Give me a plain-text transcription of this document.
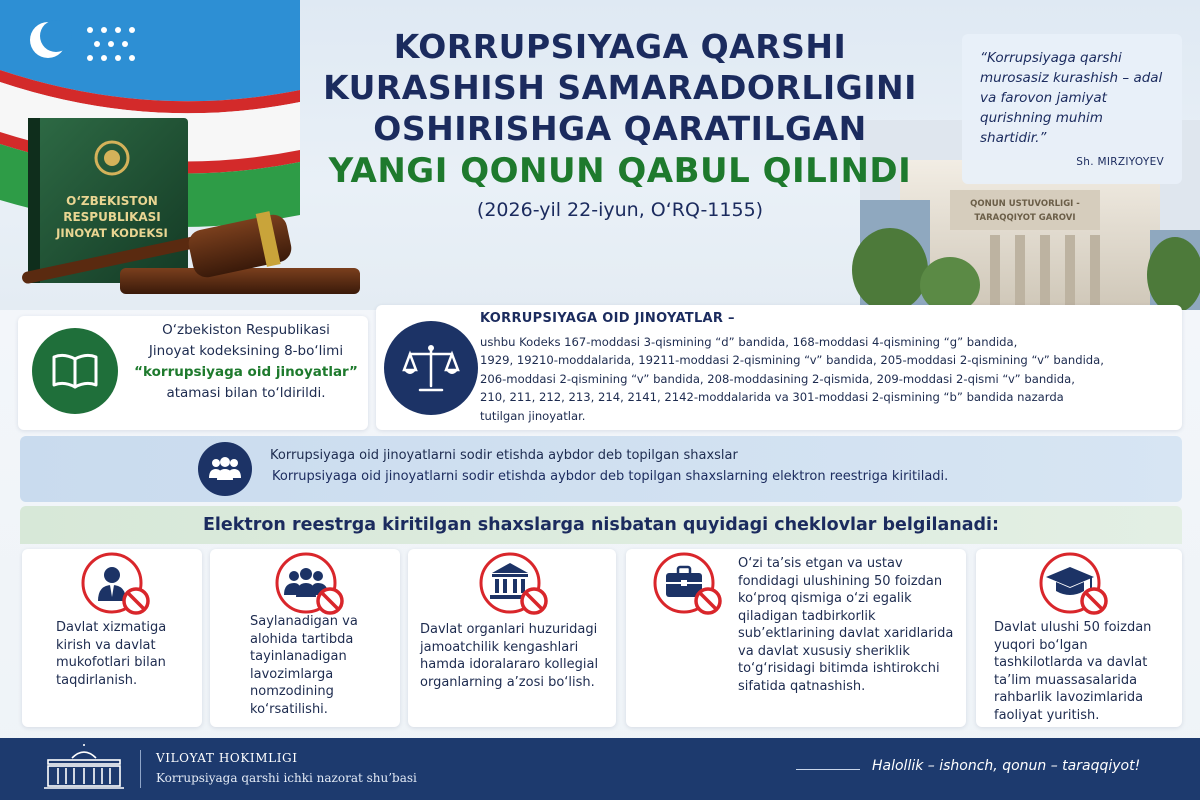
O‘ZBEKISTON
RESPUBLIKASI
JINOYAT KODEKSI
QONUN USTUVORLIGI -
TARAQQIYOT GAROVI
KORRUPSIYAGA QARSHI
KURASHISH SAMARADORLIGINI
OSHIRISHGA QARATILGAN
YANGI QONUN QABUL QILINDI
(2026-yil 22-iyun, O‘RQ-1155)
“Korrupsiyaga qarshi murosasiz kurashish – adal va farovon jamiyat qurishning muhim shartidir.”
Sh. MIRZIYOYEV
O‘zbekiston Respublikasi
Jinoyat kodeksining 8-bo‘limi
“korrupsiyaga oid jinoyatlar”
atamasi bilan to‘ldirildi.
KORRUPSIYAGA OID JINOYATLAR –
ushbu Kodeks 167-moddasi 3-qismining “d” bandida, 168-moddasi 4-qismining “g” bandida,
1929, 19210-moddalarida, 19211-moddasi 2-qismining “v” bandida, 205-moddasi 2-qismining “v” bandida,
206-moddasi 2-qismining “v” bandida, 208-moddasining 2-qismida, 209-moddasi 2-qismi “v” bandida,
210, 211, 212, 213, 214, 2141, 2142-moddalarida va 301-moddasi 2-qismining “b” bandida nazarda
tutilgan jinoyatlar.
Korrupsiyaga oid jinoyatlarni sodir etishda aybdor deb topilgan shaxslar
Korrupsiyaga oid jinoyatlarni sodir etishda aybdor deb topilgan shaxslarning elektron reestriga kiritiladi.
Elektron reestrga kiritilgan shaxslarga nisbatan quyidagi cheklovlar belgilanadi:
Davlat xizmatiga
kirish va davlat
mukofotlari bilan
taqdirlanish.
Saylanadigan va
alohida tartibda
tayinlanadigan
lavozimlarga
nomzodining
ko‘rsatilishi.
Davlat organlari huzuridagi
jamoatchilik kengashlari
hamda idoralararo kollegial
organlarning a’zosi bo‘lish.
O‘zi ta’sis etgan va ustav
fondidagi ulushining 50 foizdan
ko‘proq qismiga o‘zi egalik
qiladigan tadbirkorlik
sub’ektlarining davlat xaridlarida
va davlat xususiy sheriklik
to‘g‘risidagi bitimda ishtirokchi
sifatida qatnashish.
Davlat ulushi 50 foizdan
yuqori bo‘lgan
tashkilotlarda va davlat
ta’lim muassasalarida
rahbarlik lavozimlarida
faoliyat yuritish.
VILOYAT HOKIMLIGI
Korrupsiyaga qarshi ichki nazorat shu’basi
Halollik – ishonch, qonun – taraqqiyot!
